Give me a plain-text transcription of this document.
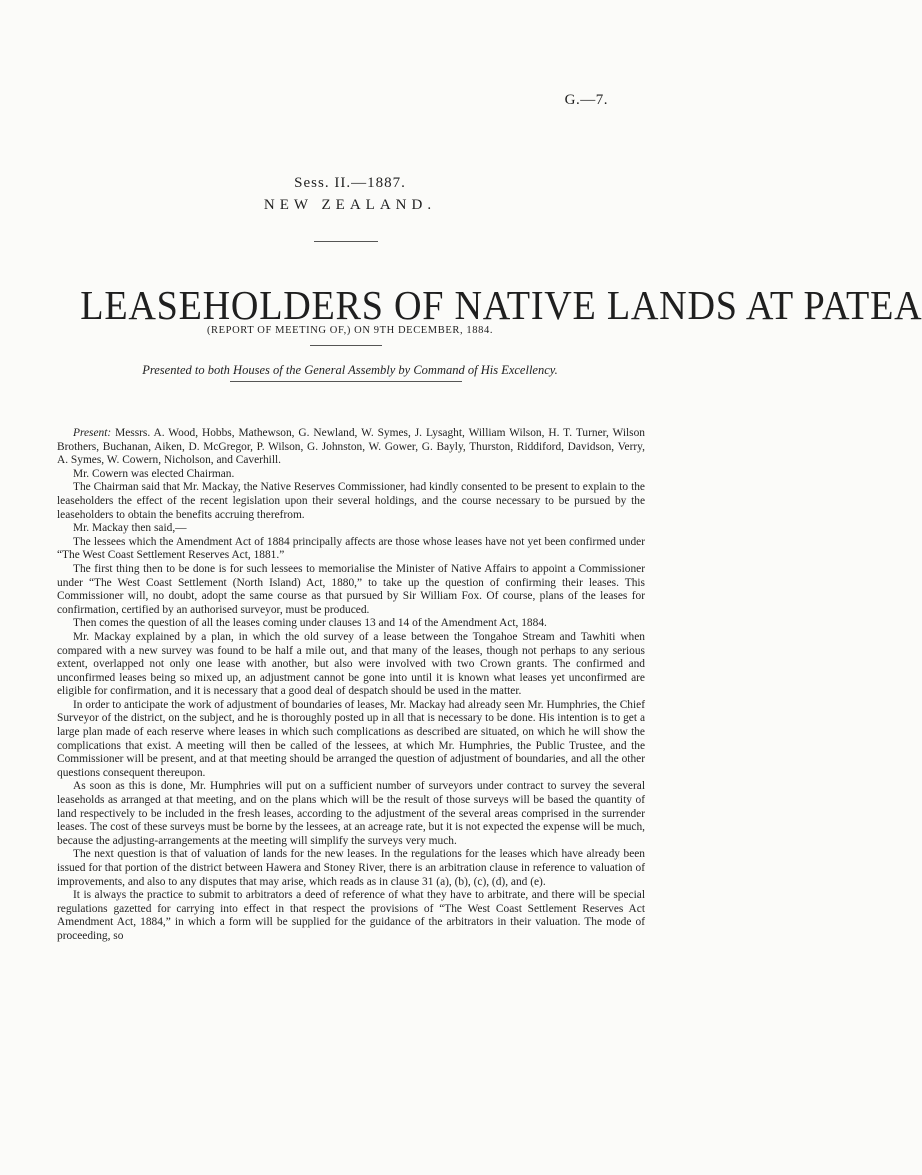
G.—7.
Sess. II.—1887.
NEW ZEALAND.
LEASEHOLDERS OF NATIVE LANDS AT PATEA
(REPORT OF MEETING OF,) ON 9TH DECEMBER, 1884.
Presented to both Houses of the General Assembly by Command of His Excellency.

Present: Messrs. A. Wood, Hobbs, Mathewson, G. Newland, W. Symes, J. Lysaght, William Wilson, H. T. Turner, Wilson Brothers, Buchanan, Aiken, D. McGregor, P. Wilson, G. Johnston, W. Gower, G. Bayly, Thurston, Riddiford, Davidson, Verry, A. Symes, W. Cowern, Nicholson, and Caverhill.

Mr. Cowern was elected Chairman.

The Chairman said that Mr. Mackay, the Native Reserves Commissioner, had kindly consented to be present to explain to the leaseholders the effect of the recent legislation upon their several holdings, and the course necessary to be pursued by the leaseholders to obtain the benefits accruing therefrom.

Mr. Mackay then said,—

The lessees which the Amendment Act of 1884 principally affects are those whose leases have not yet been confirmed under “The West Coast Settlement Reserves Act, 1881.”

The first thing then to be done is for such lessees to memorialise the Minister of Native Affairs to appoint a Commissioner under “The West Coast Settlement (North Island) Act, 1880,” to take up the question of confirming their leases. This Commissioner will, no doubt, adopt the same course as that pursued by Sir William Fox. Of course, plans of the leases for confirmation, certified by an authorised surveyor, must be produced.

Then comes the question of all the leases coming under clauses 13 and 14 of the Amendment Act, 1884.

Mr. Mackay explained by a plan, in which the old survey of a lease between the Tongahoe Stream and Tawhiti when compared with a new survey was found to be half a mile out, and that many of the leases, though not perhaps to any serious extent, overlapped not only one lease with another, but also were involved with two Crown grants. The confirmed and unconfirmed leases being so mixed up, an adjustment cannot be gone into until it is known what leases yet unconfirmed are eligible for confirmation, and it is necessary that a good deal of despatch should be used in the matter.

In order to anticipate the work of adjustment of boundaries of leases, Mr. Mackay had already seen Mr. Humphries, the Chief Surveyor of the district, on the subject, and he is thoroughly posted up in all that is necessary to be done. His intention is to get a large plan made of each reserve where leases in which such complications as described are situated, on which he will show the complications that exist. A meeting will then be called of the lessees, at which Mr. Humphries, the Public Trustee, and the Commissioner will be present, and at that meeting should be arranged the question of adjustment of boundaries, and all the other questions consequent thereupon.

As soon as this is done, Mr. Humphries will put on a sufficient number of surveyors under contract to survey the several leaseholds as arranged at that meeting, and on the plans which will be the result of those surveys will be based the quantity of land respectively to be included in the fresh leases, according to the adjustment of the several areas comprised in the surrender leases. The cost of these surveys must be borne by the lessees, at an acreage rate, but it is not expected the expense will be much, because the adjusting-arrangements at the meeting will simplify the surveys very much.

The next question is that of valuation of lands for the new leases. In the regulations for the leases which have already been issued for that portion of the district between Hawera and Stoney River, there is an arbitration clause in reference to valuation of improvements, and also to any disputes that may arise, which reads as in clause 31 (a), (b), (c), (d), and (e).

It is always the practice to submit to arbitrators a deed of reference of what they have to arbitrate, and there will be special regulations gazetted for carrying into effect in that respect the provisions of “The West Coast Settlement Reserves Act Amendment Act, 1884,” in which a form will be supplied for the guidance of the arbitrators in their valuation. The mode of proceeding, so
